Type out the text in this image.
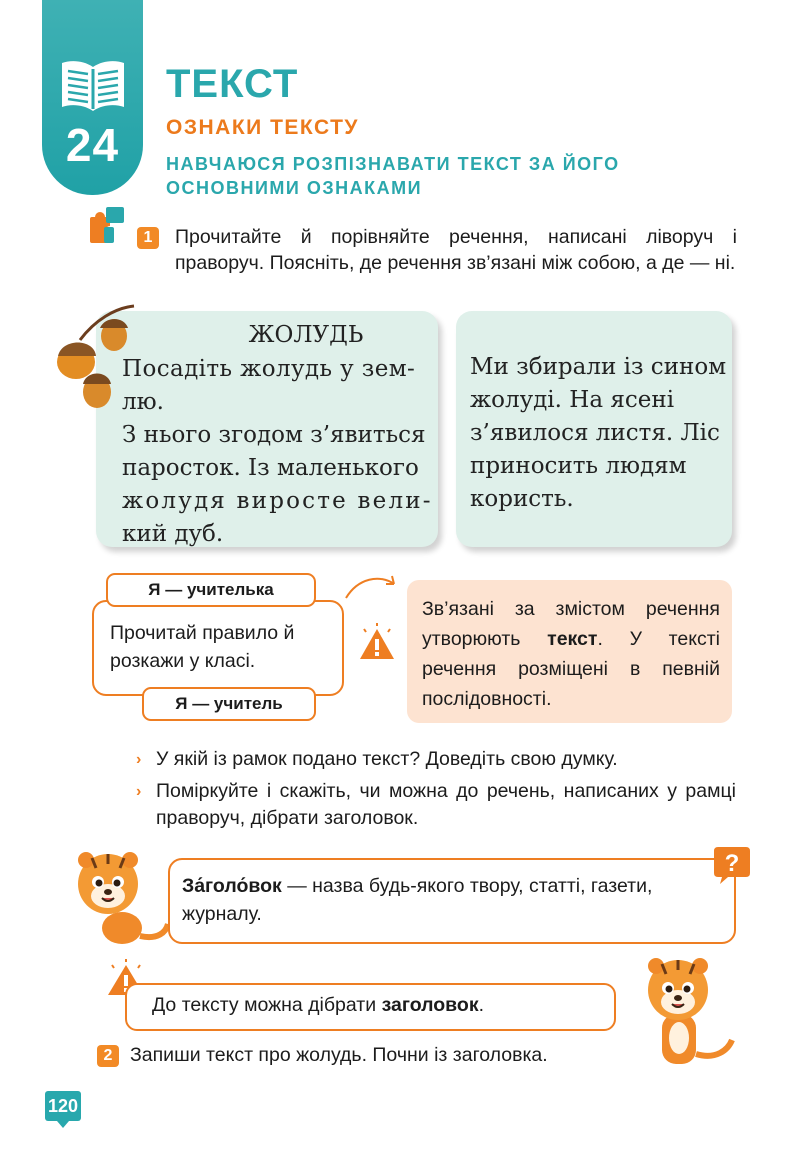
24
ТЕКСТ
ОЗНАКИ ТЕКСТУ
НАВЧАЮСЯ РОЗПІЗНАВАТИ ТЕКСТ ЗА ЙОГО ОСНОВНИМИ ОЗНАКАМИ
1	Прочитайте й порівняйте речення, написані ліворуч і праворуч. Поясніть, де речення зв’язані між собою, а де — ні.
ЖОЛУДЬ
Посадіть жолудь у зем-
лю.
З нього згодом з’явиться
паросток. Із маленького
жолудя виросте вели-
кий дуб.
Ми збирали із сином
жолуді. На ясені
з’явилося листя. Ліс
приносить людям
користь.
Я — учителька
Прочитай правило й розкажи у класі.
Я — учитель
Зв’язані за змістом речення утворюють текст. У тексті речення розміщені в певній послідовності.
› У якій із рамок подано текст? Доведіть свою думку.
› Поміркуйте і скажіть, чи можна до речень, написаних у рамці праворуч, дібрати заголовок.
За́голо́вок — назва будь-якого твору, статті, газети, журналу.
?
До тексту можна дібрати заголовок.
2 Запиши текст про жолудь. Почни із заголовка.
120
